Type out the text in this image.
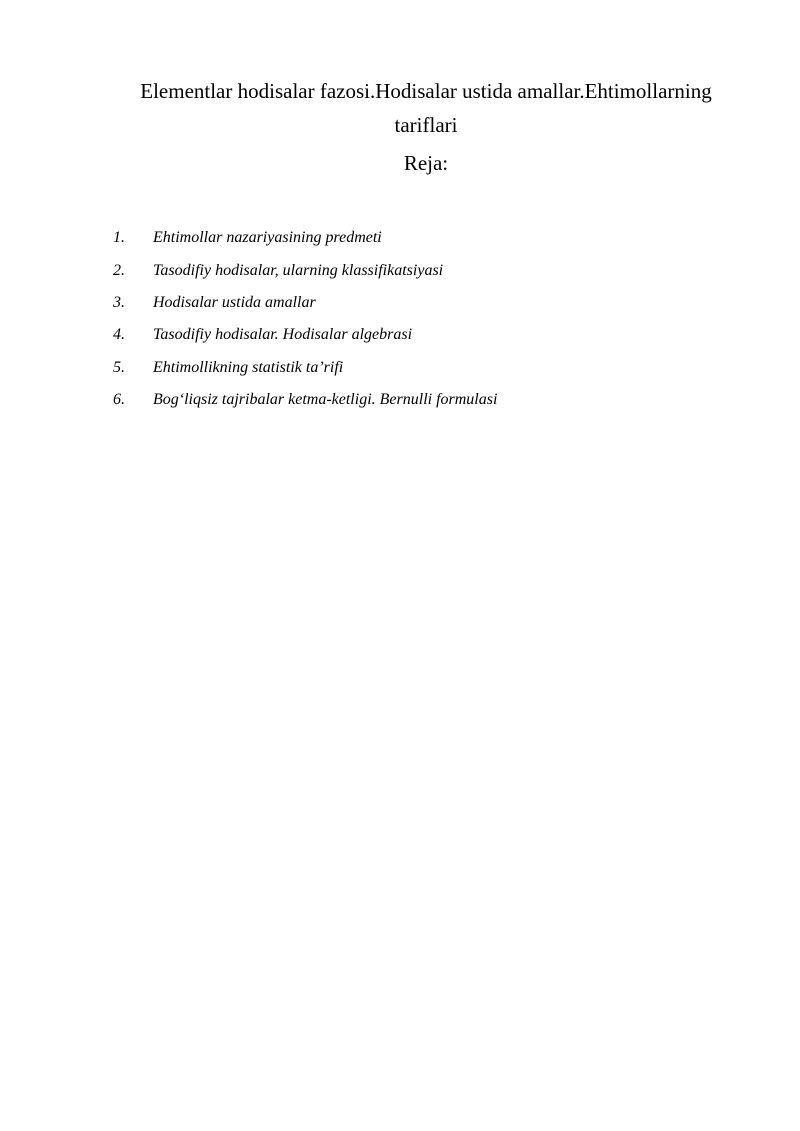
Elementlar hodisalar fazosi.Hodisalar ustida amallar.Ehtimollarning tariflari
Reja:
1.	Ehtimollar nazariyasining predmeti
2.	Tasodifiy hodisalar, ularning klassifikatsiyasi
3.	Hodisalar ustida amallar
4.	Tasodifiy hodisalar. Hodisalar algebrasi
5.	Ehtimollikning statistik ta’rifi
6.	Bog‘liqsiz tajribalar ketma-ketligi. Bernulli formulasi
